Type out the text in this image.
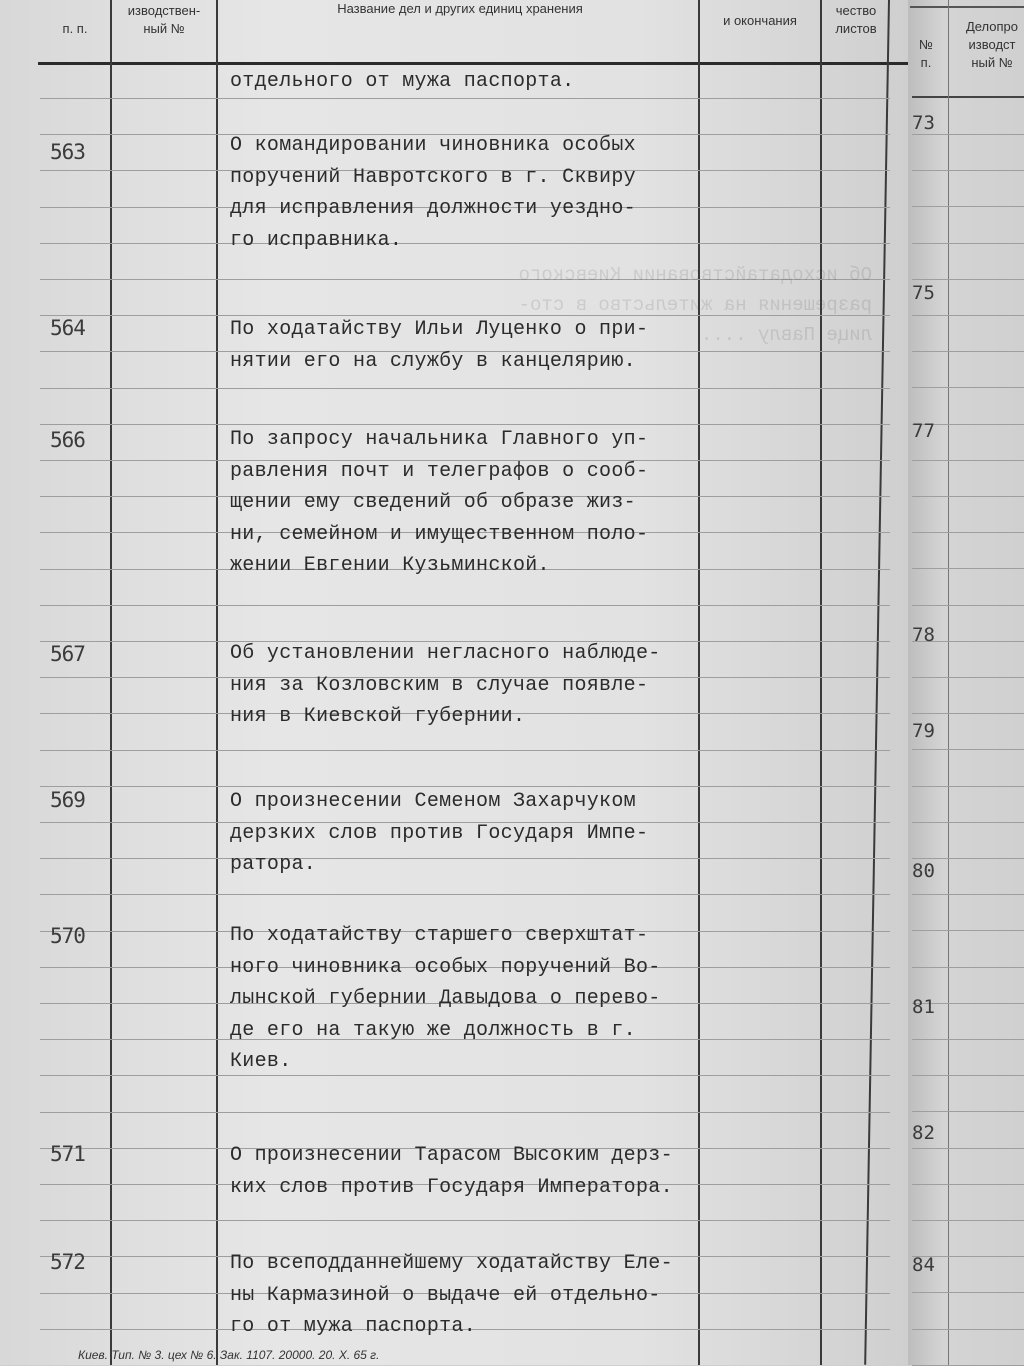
п. п.
изводствен-
ный №
Название дел и других единиц хранения
и окончания
чество
листов
№
п.
Делопро
изводст
ный №
Об исходатайствовании Киевского
разрешения на жительство в сто-
лице Павлу ....

563
564
566
567
569
570
571
572
отдельного от мужа паспорта.
О командировании чиновника особых
поручений Навротского в г. Сквиру
для исправления должности уездно-
го исправника.
По ходатайству Ильи Луценко о при-
нятии его на службу в канцелярию.
По запросу начальника Главного уп-
равления почт и телеграфов о сооб-
щении ему сведений об образе жиз-
ни, семейном и имущественном поло-
жении Евгении Кузьминской.
Об установлении негласного наблюде-
ния за Козловским в случае появле-
ния в Киевской губернии.
О произнесении Семеном Захарчуком
дерзких слов против Государя Импе-
ратора.
По ходатайству старшего сверхштат-
ного чиновника особых поручений Во-
лынской губернии Давыдова о перево-
де его на такую же должность в г.
Киев.
О произнесении Тарасом Высоким дерз-
ких слов против Государя Императора.
По всеподданнейшему ходатайству Еле-
ны Кармазиной о выдаче ей отдельно-
го от мужа паспорта.
73
75
77
78
79
80
81
82
84
Киев. Тип. № 3. цех № 6. Зак. 1107. 20000. 20. X. 65 г.
